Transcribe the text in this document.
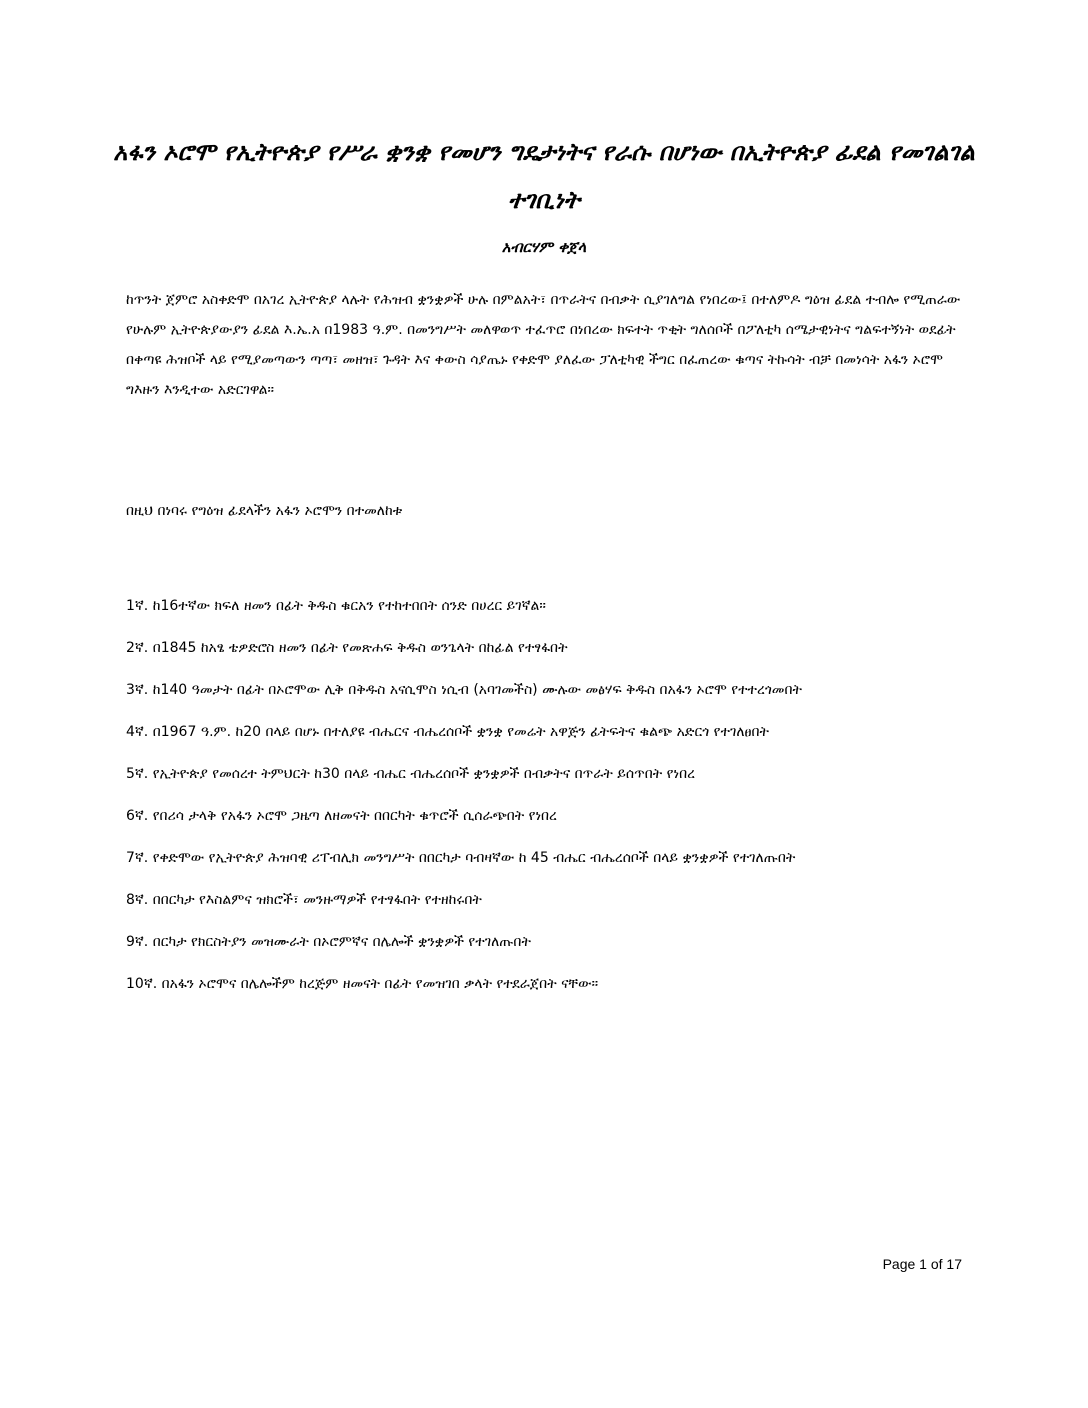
አፋን ኦሮሞ የኢትዮጵያ የሥራ ቋንቋ የመሆን ግዴታነትና የራሱ በሆነው በኢትዮጵያ ፊደል የመገልገል ተገቢነት
አብርሃም ቀጀላ

ከጥንት ጀምሮ አስቀድሞ በአገረ ኢትዮጵያ ላሉት የሕዝብ ቋንቋዎች ሁሉ በምልአት፣ በጥራትና በብቃት ሲያገለግል የነበረው፤ በተለምዶ ግዕዝ ፊደል ተብሎ የሚጠራው የሁሉም ኢትዮጵያውያን ፊደል እ.ኤ.አ በ1983 ዓ.ም. በመንግሥት መለዋወጥ ተፈጥሮ በነበረው ክፍተት ጥቂት ግለሰቦች በፖለቲካ ሰሜታዊነትና ግልፍተኝነት ወደፊት በቀጣዩ ሕዝቦች ላይ የሚያመጣውን ጣጣ፣ መዘዝ፣ ጉዳት እና ቀውስ ሳያጤኑ የቀድሞ ያለፈው ፓለቲካዊ ችግር በፈጠረው ቁጣና ትኩሳት ብቻ በመነሳት አፋን ኦሮሞ ግእዙን እንዲተው አድርገዋል።

በዚህ በነባሩ የግዕዝ ፊደላችን አፋን ኦሮሞን በተመለከቱ

1ኛ. ከ16ተኛው ክፍለ ዘመን በፊት ቅዱስ ቁርአን የተከተበበት ሰንድ በሀረር ይገኛል።
2ኛ. በ1845 ከአፄ ቴዎድሮስ ዘመን በፊት የመጽሐፍ ቅዱስ ወንጌላት በከፊል የተፃፋበት
3ኛ. ከ140 ዓመታት በፊት በኦሮሞው ሊቅ በቅዱስ አናሲሞስ ነሲብ (አባገመችስ) ሙሉው መፅሃፍ ቅዱስ በአፋን ኦሮሞ የተተረጎመበት
4ኛ. በ1967 ዓ.ም. ከ20 በላይ በሆኑ በተለያዩ ብሔርና ብሔረሰቦች ቋንቋ የመሬት አዋጅን ፊትፍትና ቁልጭ አድርጎ የተገለፀበት
5ኛ. የኢትዮጵያ የመሰረተ ትምህርት ከ30 በላይ ብሔር ብሔረሰቦች ቋንቋዎች በብቃትና በጥራት ይሰጥበት የነበረ
6ኛ. የበሪሳ ታላቅ የአፋን ኦሮሞ ጋዜጣ ለዘመናት በበርካት ቁጥሮች ሲሰራጭበት የነበረ
7ኛ. የቀድሞው የኢትዮጵያ ሕዝባዊ ሪፐብሊክ መንግሥት በበርካታ ባብዛኛው ከ 45 ብሔር ብሔረሰቦች በላይ ቋንቋዎች የተገለጡበት
8ኛ. በበርካታ የእስልምና ዝክሮች፣ መንዙማዎች የተፃፋበት የተዘከሩበት
9ኛ. በርካታ የክርስትያን መዝሙራት በኦሮምኛና በሌሎች ቋንቋዎች የተገለጡበት
10ኛ. በአፋን ኦሮሞና በሌሎችም ከረጅም ዘመናት በፊት የመዝገበ ቃላት የተደራጀበት ናቸው።
Page 1 of 17
